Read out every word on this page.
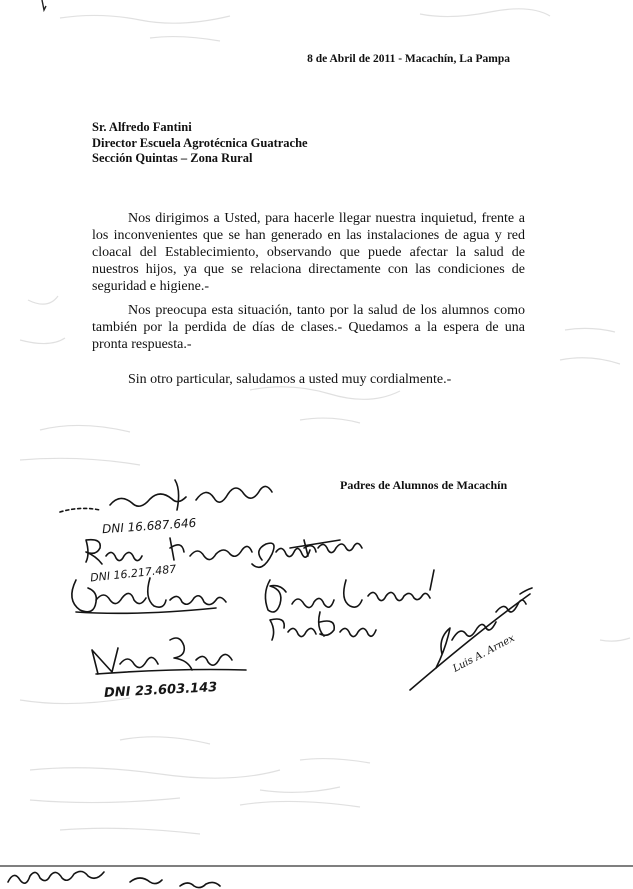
8 de Abril de 2011 - Macachín, La Pampa
Sr. Alfredo Fantini
Director Escuela Agrotécnica Guatrache
Sección Quintas – Zona Rural
Nos dirigimos a Usted, para hacerle llegar nuestra inquietud, frente a los inconvenientes que se han generado en las instalaciones de agua y red cloacal del Establecimiento, observando que puede afectar la salud de nuestros hijos, ya que se relaciona directamente con las condiciones de seguridad e higiene.-
Nos preocupa esta situación, tanto por la salud de los alumnos como también por la perdida de días de clases.- Quedamos a la espera de una pronta respuesta.-
Sin otro particular, saludamos a usted muy cordialmente.-
Padres de Alumnos de Macachín
Luis A. Arnex
DNI 16.687.646
DNI 16.217.487
DNI 23.603.143
